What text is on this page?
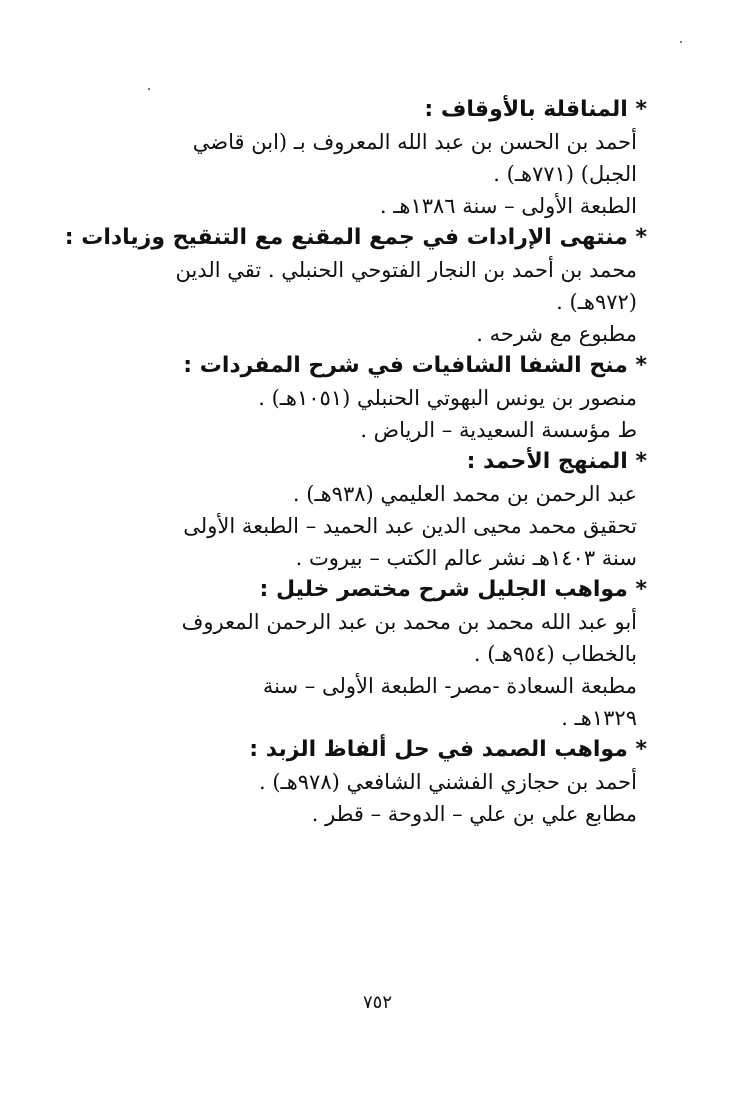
* المناقلة بالأوقاف :
أحمد بن الحسن بن عبد الله المعروف بـ (ابن قاضي
الجبل) (٧٧١هـ) .
الطبعة الأولى – سنة ١٣٨٦هـ .
* منتهى الإرادات في جمع المقنع مع التنقيح وزيادات :
محمد بن أحمد بن النجار الفتوحي الحنبلي . تقي الدين
(٩٧٢هـ) .
مطبوع مع شرحه .
* منح الشفا الشافيات في شرح المفردات :
منصور بن يونس البهوتي الحنبلي (١٠٥١هـ) .
ط مؤسسة السعيدية – الرياض .
* المنهج الأحمد :
عبد الرحمن بن محمد العليمي (٩٣٨هـ) .
تحقيق محمد محيى الدين عبد الحميد – الطبعة الأولى
سنة ١٤٠٣هـ نشر عالم الكتب – بيروت .
* مواهب الجليل شرح مختصر خليل :
أبو عبد الله محمد بن محمد بن عبد الرحمن المعروف
بالخطاب (٩٥٤هـ) .
مطبعة السعادة -مصر- الطبعة الأولى – سنة
١٣٢٩هـ .
* مواهب الصمد في حل ألفاظ الزبد :
أحمد بن حجازي الفشني الشافعي (٩٧٨هـ) .
مطابع علي بن علي – الدوحة – قطر .
٧٥٢
